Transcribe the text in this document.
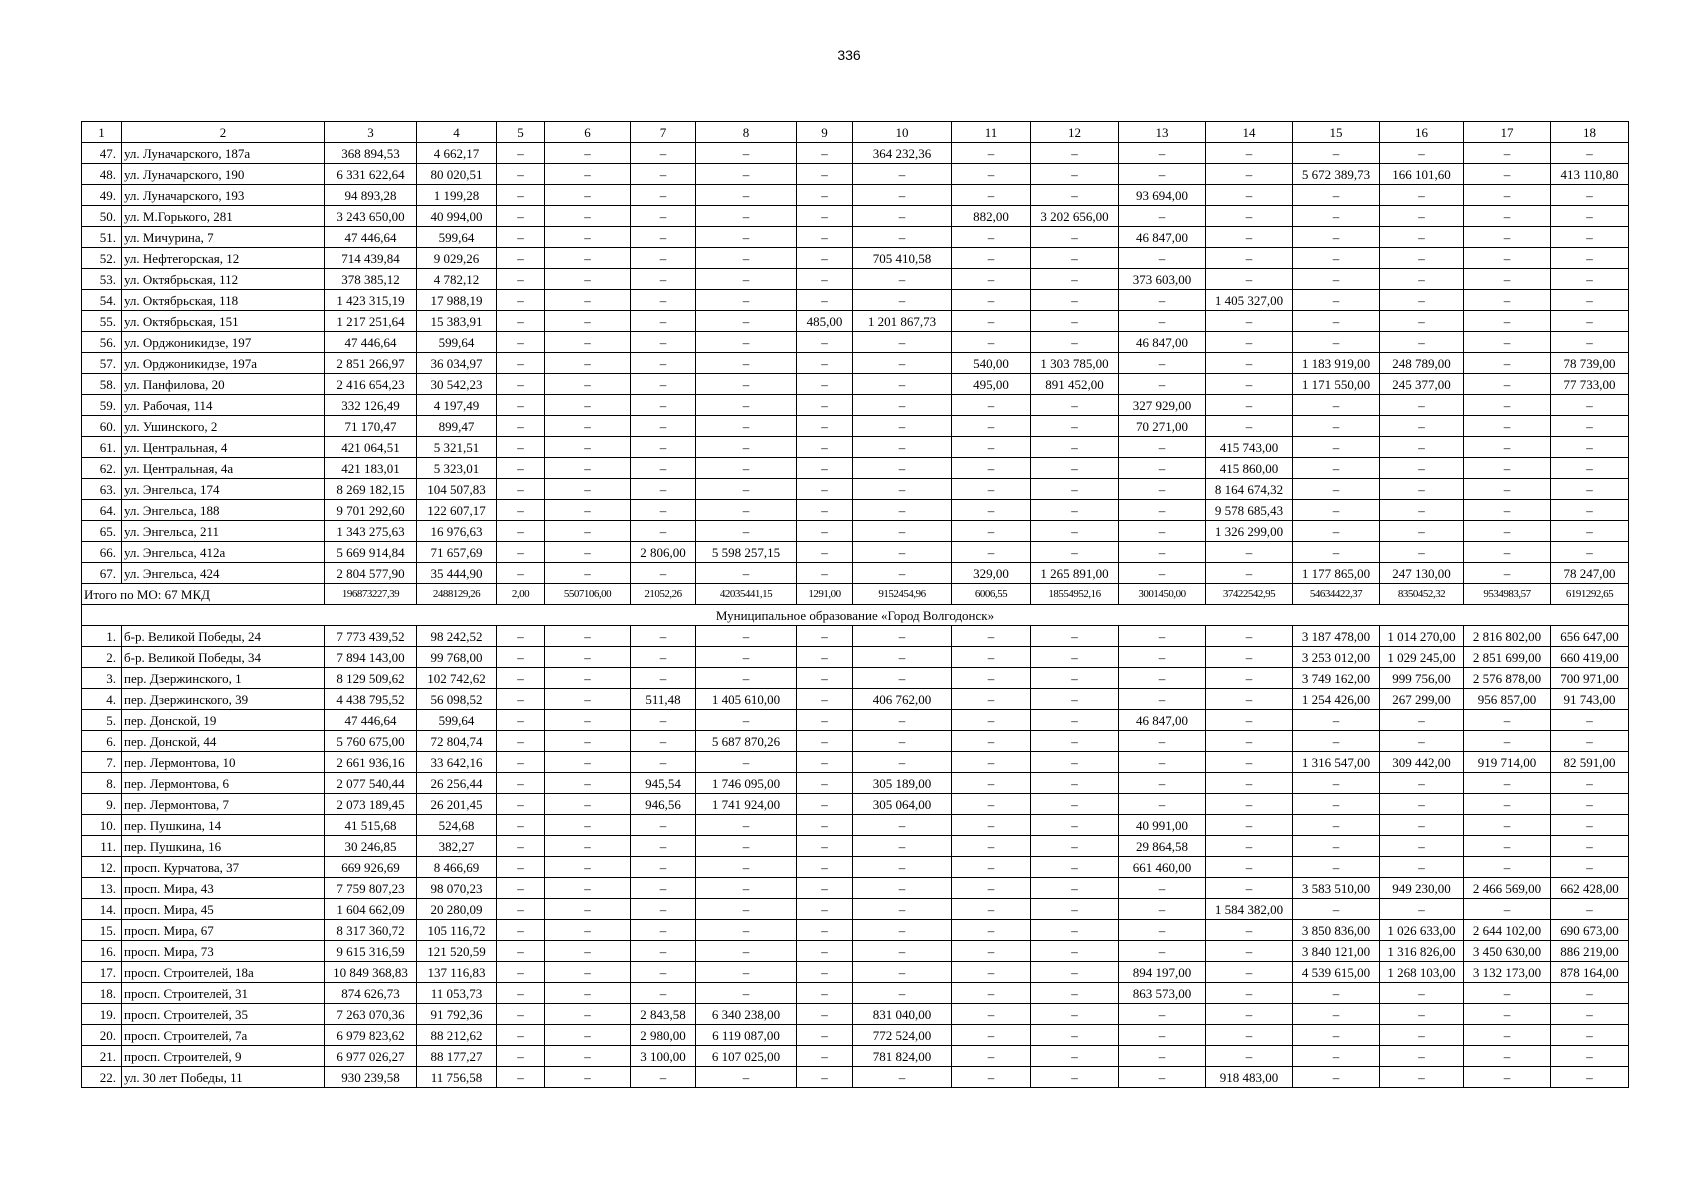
336
1	2	3	4	5	6	7	8	9	10	11	12	13	14	15	16	17	18
47.	ул. Луначарского, 187а	368 894,53	4 662,17	–	–	–	–	–	364 232,36	–	–	–	–	–	–	–	–
48.	ул. Луначарского, 190	6 331 622,64	80 020,51	–	–	–	–	–	–	–	–	–	–	5 672 389,73	166 101,60	–	413 110,80
49.	ул. Луначарского, 193	94 893,28	1 199,28	–	–	–	–	–	–	–	–	93 694,00	–	–	–	–	–
50.	ул. М.Горького, 281	3 243 650,00	40 994,00	–	–	–	–	–	–	882,00	3 202 656,00	–	–	–	–	–	–
51.	ул. Мичурина, 7	47 446,64	599,64	–	–	–	–	–	–	–	–	46 847,00	–	–	–	–	–
52.	ул. Нефтегорская, 12	714 439,84	9 029,26	–	–	–	–	–	705 410,58	–	–	–	–	–	–	–	–
53.	ул. Октябрьская, 112	378 385,12	4 782,12	–	–	–	–	–	–	–	–	373 603,00	–	–	–	–	–
54.	ул. Октябрьская, 118	1 423 315,19	17 988,19	–	–	–	–	–	–	–	–	–	1 405 327,00	–	–	–	–
55.	ул. Октябрьская, 151	1 217 251,64	15 383,91	–	–	–	–	485,00	1 201 867,73	–	–	–	–	–	–	–	–
56.	ул. Орджоникидзе, 197	47 446,64	599,64	–	–	–	–	–	–	–	–	46 847,00	–	–	–	–	–
57.	ул. Орджоникидзе, 197а	2 851 266,97	36 034,97	–	–	–	–	–	–	540,00	1 303 785,00	–	–	1 183 919,00	248 789,00	–	78 739,00
58.	ул. Панфилова, 20	2 416 654,23	30 542,23	–	–	–	–	–	–	495,00	891 452,00	–	–	1 171 550,00	245 377,00	–	77 733,00
59.	ул. Рабочая, 114	332 126,49	4 197,49	–	–	–	–	–	–	–	–	327 929,00	–	–	–	–	–
60.	ул. Ушинского, 2	71 170,47	899,47	–	–	–	–	–	–	–	–	70 271,00	–	–	–	–	–
61.	ул. Центральная, 4	421 064,51	5 321,51	–	–	–	–	–	–	–	–	–	415 743,00	–	–	–	–
62.	ул. Центральная, 4а	421 183,01	5 323,01	–	–	–	–	–	–	–	–	–	415 860,00	–	–	–	–
63.	ул. Энгельса, 174	8 269 182,15	104 507,83	–	–	–	–	–	–	–	–	–	8 164 674,32	–	–	–	–
64.	ул. Энгельса, 188	9 701 292,60	122 607,17	–	–	–	–	–	–	–	–	–	9 578 685,43	–	–	–	–
65.	ул. Энгельса, 211	1 343 275,63	16 976,63	–	–	–	–	–	–	–	–	–	1 326 299,00	–	–	–	–
66.	ул. Энгельса, 412а	5 669 914,84	71 657,69	–	–	2 806,00	5 598 257,15	–	–	–	–	–	–	–	–	–	–
67.	ул. Энгельса, 424	2 804 577,90	35 444,90	–	–	–	–	–	–	329,00	1 265 891,00	–	–	1 177 865,00	247 130,00	–	78 247,00
Итого по МО: 67 МКД		196873227,39	2488129,26	2,00	5507106,00	21052,26	42035441,15	1291,00	9152454,96	6006,55	18554952,16	3001450,00	37422542,95	54634422,37	8350452,32	9534983,57	6191292,65
Муниципальное образование «Город Волгодонск»																	
1.	б-р. Великой Победы, 24	7 773 439,52	98 242,52	–	–	–	–	–	–	–	–	–	–	3 187 478,00	1 014 270,00	2 816 802,00	656 647,00
2.	б-р. Великой Победы, 34	7 894 143,00	99 768,00	–	–	–	–	–	–	–	–	–	–	3 253 012,00	1 029 245,00	2 851 699,00	660 419,00
3.	пер. Дзержинского, 1	8 129 509,62	102 742,62	–	–	–	–	–	–	–	–	–	–	3 749 162,00	999 756,00	2 576 878,00	700 971,00
4.	пер. Дзержинского, 39	4 438 795,52	56 098,52	–	–	511,48	1 405 610,00	–	406 762,00	–	–	–	–	1 254 426,00	267 299,00	956 857,00	91 743,00
5.	пер. Донской, 19	47 446,64	599,64	–	–	–	–	–	–	–	–	46 847,00	–	–	–	–	–
6.	пер. Донской, 44	5 760 675,00	72 804,74	–	–	–	5 687 870,26	–	–	–	–	–	–	–	–	–	–
7.	пер. Лермонтова, 10	2 661 936,16	33 642,16	–	–	–	–	–	–	–	–	–	–	1 316 547,00	309 442,00	919 714,00	82 591,00
8.	пер. Лермонтова, 6	2 077 540,44	26 256,44	–	–	945,54	1 746 095,00	–	305 189,00	–	–	–	–	–	–	–	–
9.	пер. Лермонтова, 7	2 073 189,45	26 201,45	–	–	946,56	1 741 924,00	–	305 064,00	–	–	–	–	–	–	–	–
10.	пер. Пушкина, 14	41 515,68	524,68	–	–	–	–	–	–	–	–	40 991,00	–	–	–	–	–
11.	пер. Пушкина, 16	30 246,85	382,27	–	–	–	–	–	–	–	–	29 864,58	–	–	–	–	–
12.	просп. Курчатова, 37	669 926,69	8 466,69	–	–	–	–	–	–	–	–	661 460,00	–	–	–	–	–
13.	просп. Мира, 43	7 759 807,23	98 070,23	–	–	–	–	–	–	–	–	–	–	3 583 510,00	949 230,00	2 466 569,00	662 428,00
14.	просп. Мира, 45	1 604 662,09	20 280,09	–	–	–	–	–	–	–	–	–	1 584 382,00	–	–	–	–
15.	просп. Мира, 67	8 317 360,72	105 116,72	–	–	–	–	–	–	–	–	–	–	3 850 836,00	1 026 633,00	2 644 102,00	690 673,00
16.	просп. Мира, 73	9 615 316,59	121 520,59	–	–	–	–	–	–	–	–	–	–	3 840 121,00	1 316 826,00	3 450 630,00	886 219,00
17.	просп. Строителей, 18а	10 849 368,83	137 116,83	–	–	–	–	–	–	–	–	894 197,00	–	4 539 615,00	1 268 103,00	3 132 173,00	878 164,00
18.	просп. Строителей, 31	874 626,73	11 053,73	–	–	–	–	–	–	–	–	863 573,00	–	–	–	–	–
19.	просп. Строителей, 35	7 263 070,36	91 792,36	–	–	2 843,58	6 340 238,00	–	831 040,00	–	–	–	–	–	–	–	–
20.	просп. Строителей, 7а	6 979 823,62	88 212,62	–	–	2 980,00	6 119 087,00	–	772 524,00	–	–	–	–	–	–	–	–
21.	просп. Строителей, 9	6 977 026,27	88 177,27	–	–	3 100,00	6 107 025,00	–	781 824,00	–	–	–	–	–	–	–	–
22.	ул. 30 лет Победы, 11	930 239,58	11 756,58	–	–	–	–	–	–	–	–	–	918 483,00	–	–	–	–
